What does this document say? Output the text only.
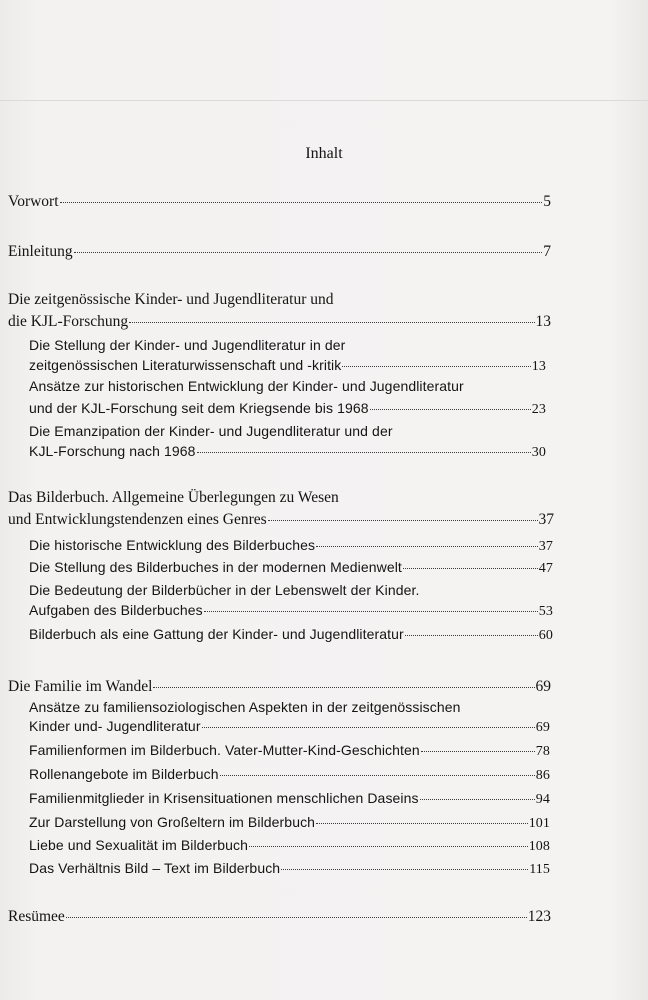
Inhalt
Vorwort	5
Einleitung	7
Die zeitgenössische Kinder- und Jugendliteratur und
die KJL-Forschung	13
Die Stellung der Kinder- und Jugendliteratur in der
zeitgenössischen Literaturwissenschaft und -kritik	13
Ansätze zur historischen Entwicklung der Kinder- und Jugendliteratur
und der KJL-Forschung seit dem Kriegsende bis 1968	23
Die Emanzipation der Kinder- und Jugendliteratur und der
KJL-Forschung nach 1968	30
Das Bilderbuch. Allgemeine Überlegungen zu Wesen
und Entwicklungstendenzen eines Genres	37
Die historische Entwicklung des Bilderbuches	37
Die Stellung des Bilderbuches in der modernen Medienwelt	47
Die Bedeutung der Bilderbücher in der Lebenswelt der Kinder.
Aufgaben des Bilderbuches	53
Bilderbuch als eine Gattung der Kinder- und Jugendliteratur	60
Die Familie im Wandel	69
Ansätze zu familiensoziologischen Aspekten in der zeitgenössischen
Kinder und- Jugendliteratur	69
Familienformen im Bilderbuch. Vater-Mutter-Kind-Geschichten	78
Rollenangebote im Bilderbuch	86
Familienmitglieder in Krisensituationen menschlichen Daseins	94
Zur Darstellung von Großeltern im Bilderbuch	101
Liebe und Sexualität im Bilderbuch	108
Das Verhältnis Bild – Text im Bilderbuch	115
Resümee	123
